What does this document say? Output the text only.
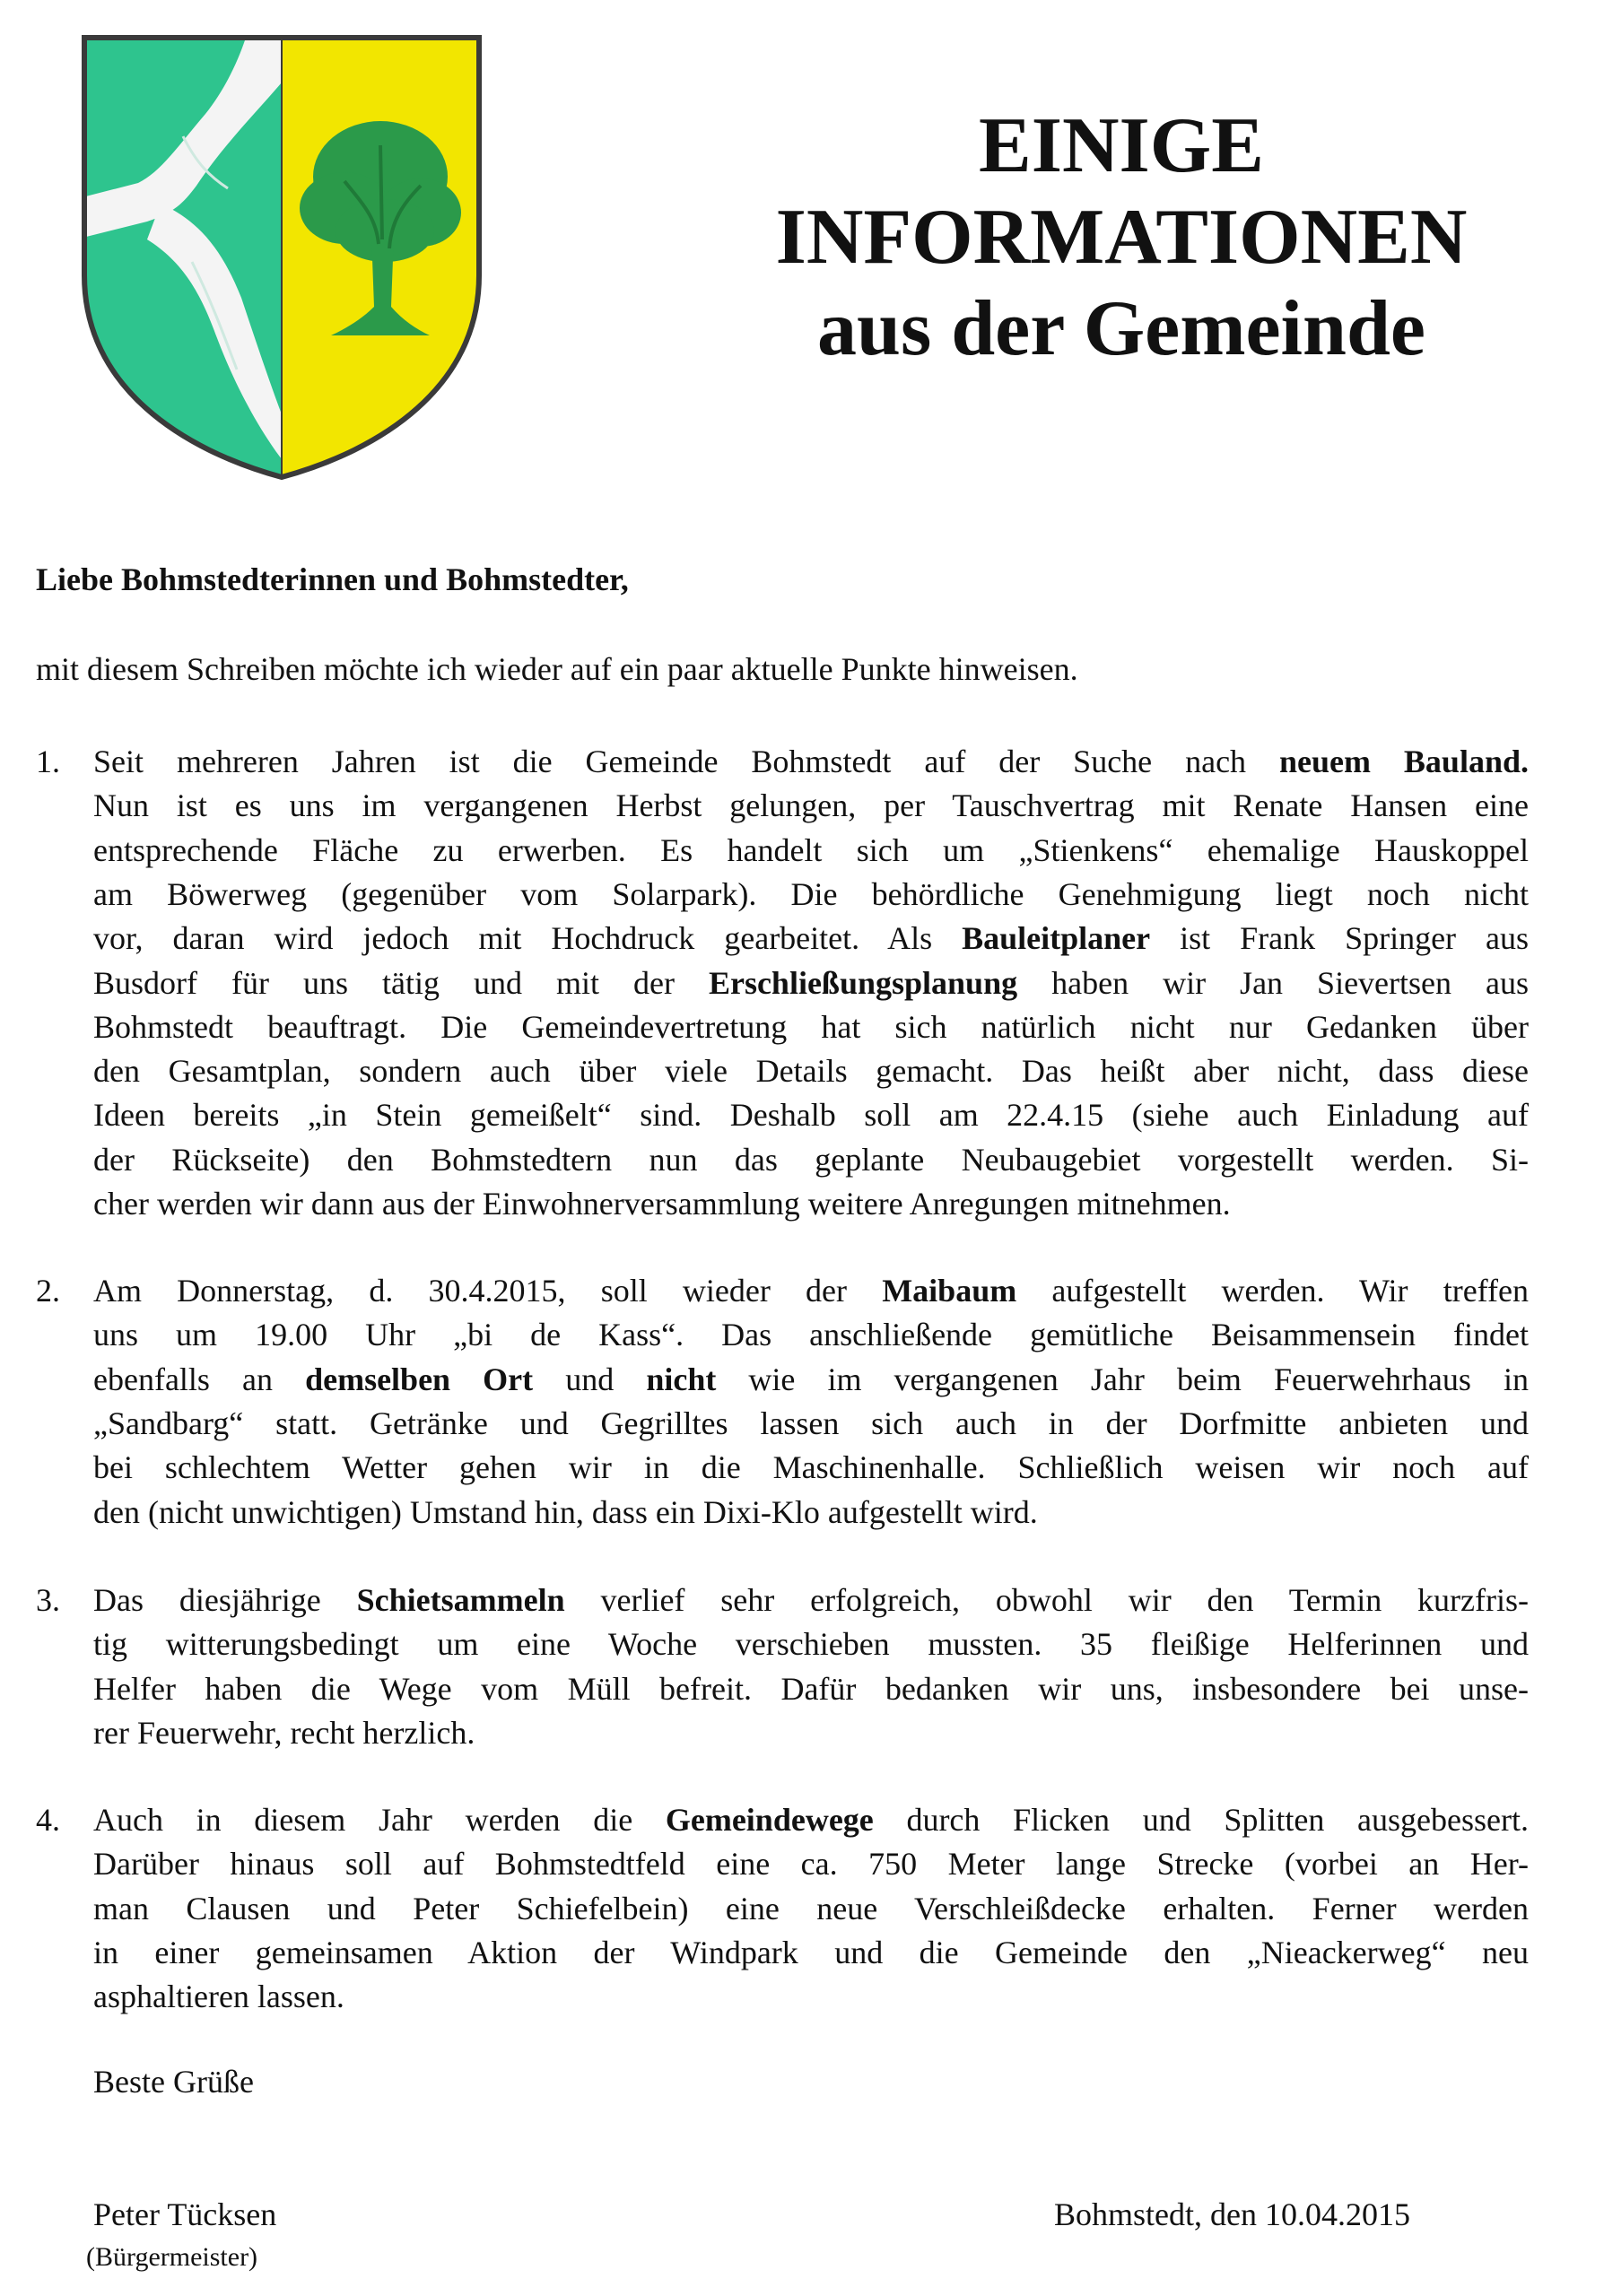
EINIGE
INFORMATIONEN
aus der Gemeinde
Liebe Bohmstedterinnen und Bohmstedter,
mit diesem Schreiben möchte ich wieder auf ein paar aktuelle Punkte hinweisen.
1. Seit mehreren Jahren ist die Gemeinde Bohmstedt auf der Suche nach neuem Bauland.
Nun ist es uns im vergangenen Herbst gelungen, per Tauschvertrag mit Renate Hansen eine
entsprechende Fläche zu erwerben. Es handelt sich um „Stienkens“ ehemalige Hauskoppel
am Böwerweg (gegenüber vom Solarpark). Die behördliche Genehmigung liegt noch nicht
vor, daran wird jedoch mit Hochdruck gearbeitet. Als Bauleitplaner ist Frank Springer aus
Busdorf für uns tätig und mit der Erschließungsplanung haben wir Jan Sievertsen aus
Bohmstedt beauftragt. Die Gemeindevertretung hat sich natürlich nicht nur Gedanken über
den Gesamtplan, sondern auch über viele Details gemacht. Das heißt aber nicht, dass diese
Ideen bereits „in Stein gemeißelt“ sind. Deshalb soll am 22.4.15 (siehe auch Einladung auf
der Rückseite) den Bohmstedtern nun das geplante Neubaugebiet vorgestellt werden. Si-
cher werden wir dann aus der Einwohnerversammlung weitere Anregungen mitnehmen.
2. Am Donnerstag, d. 30.4.2015, soll wieder der Maibaum aufgestellt werden. Wir treffen
uns um 19.00 Uhr „bi de Kass“. Das anschließende gemütliche Beisammensein findet
ebenfalls an demselben Ort und nicht wie im vergangenen Jahr beim Feuerwehrhaus in
„Sandbarg“ statt. Getränke und Gegrilltes lassen sich auch in der Dorfmitte anbieten und
bei schlechtem Wetter gehen wir in die Maschinenhalle. Schließlich weisen wir noch auf
den (nicht unwichtigen) Umstand hin, dass ein Dixi-Klo aufgestellt wird.
3. Das diesjährige Schietsammeln verlief sehr erfolgreich, obwohl wir den Termin kurzfris-
tig witterungsbedingt um eine Woche verschieben mussten. 35 fleißige Helferinnen und
Helfer haben die Wege vom Müll befreit. Dafür bedanken wir uns, insbesondere bei unse-
rer Feuerwehr, recht herzlich.
4. Auch in diesem Jahr werden die Gemeindewege durch Flicken und Splitten ausgebessert.
Darüber hinaus soll auf Bohmstedtfeld eine ca. 750 Meter lange Strecke (vorbei an Her-
man Clausen und Peter Schiefelbein) eine neue Verschleißdecke erhalten. Ferner werden
in einer gemeinsamen Aktion der Windpark und die Gemeinde den „Nieackerweg“ neu
asphaltieren lassen.
Beste Grüße
Peter Tücksen
(Bürgermeister)
Bohmstedt, den 10.04.2015
